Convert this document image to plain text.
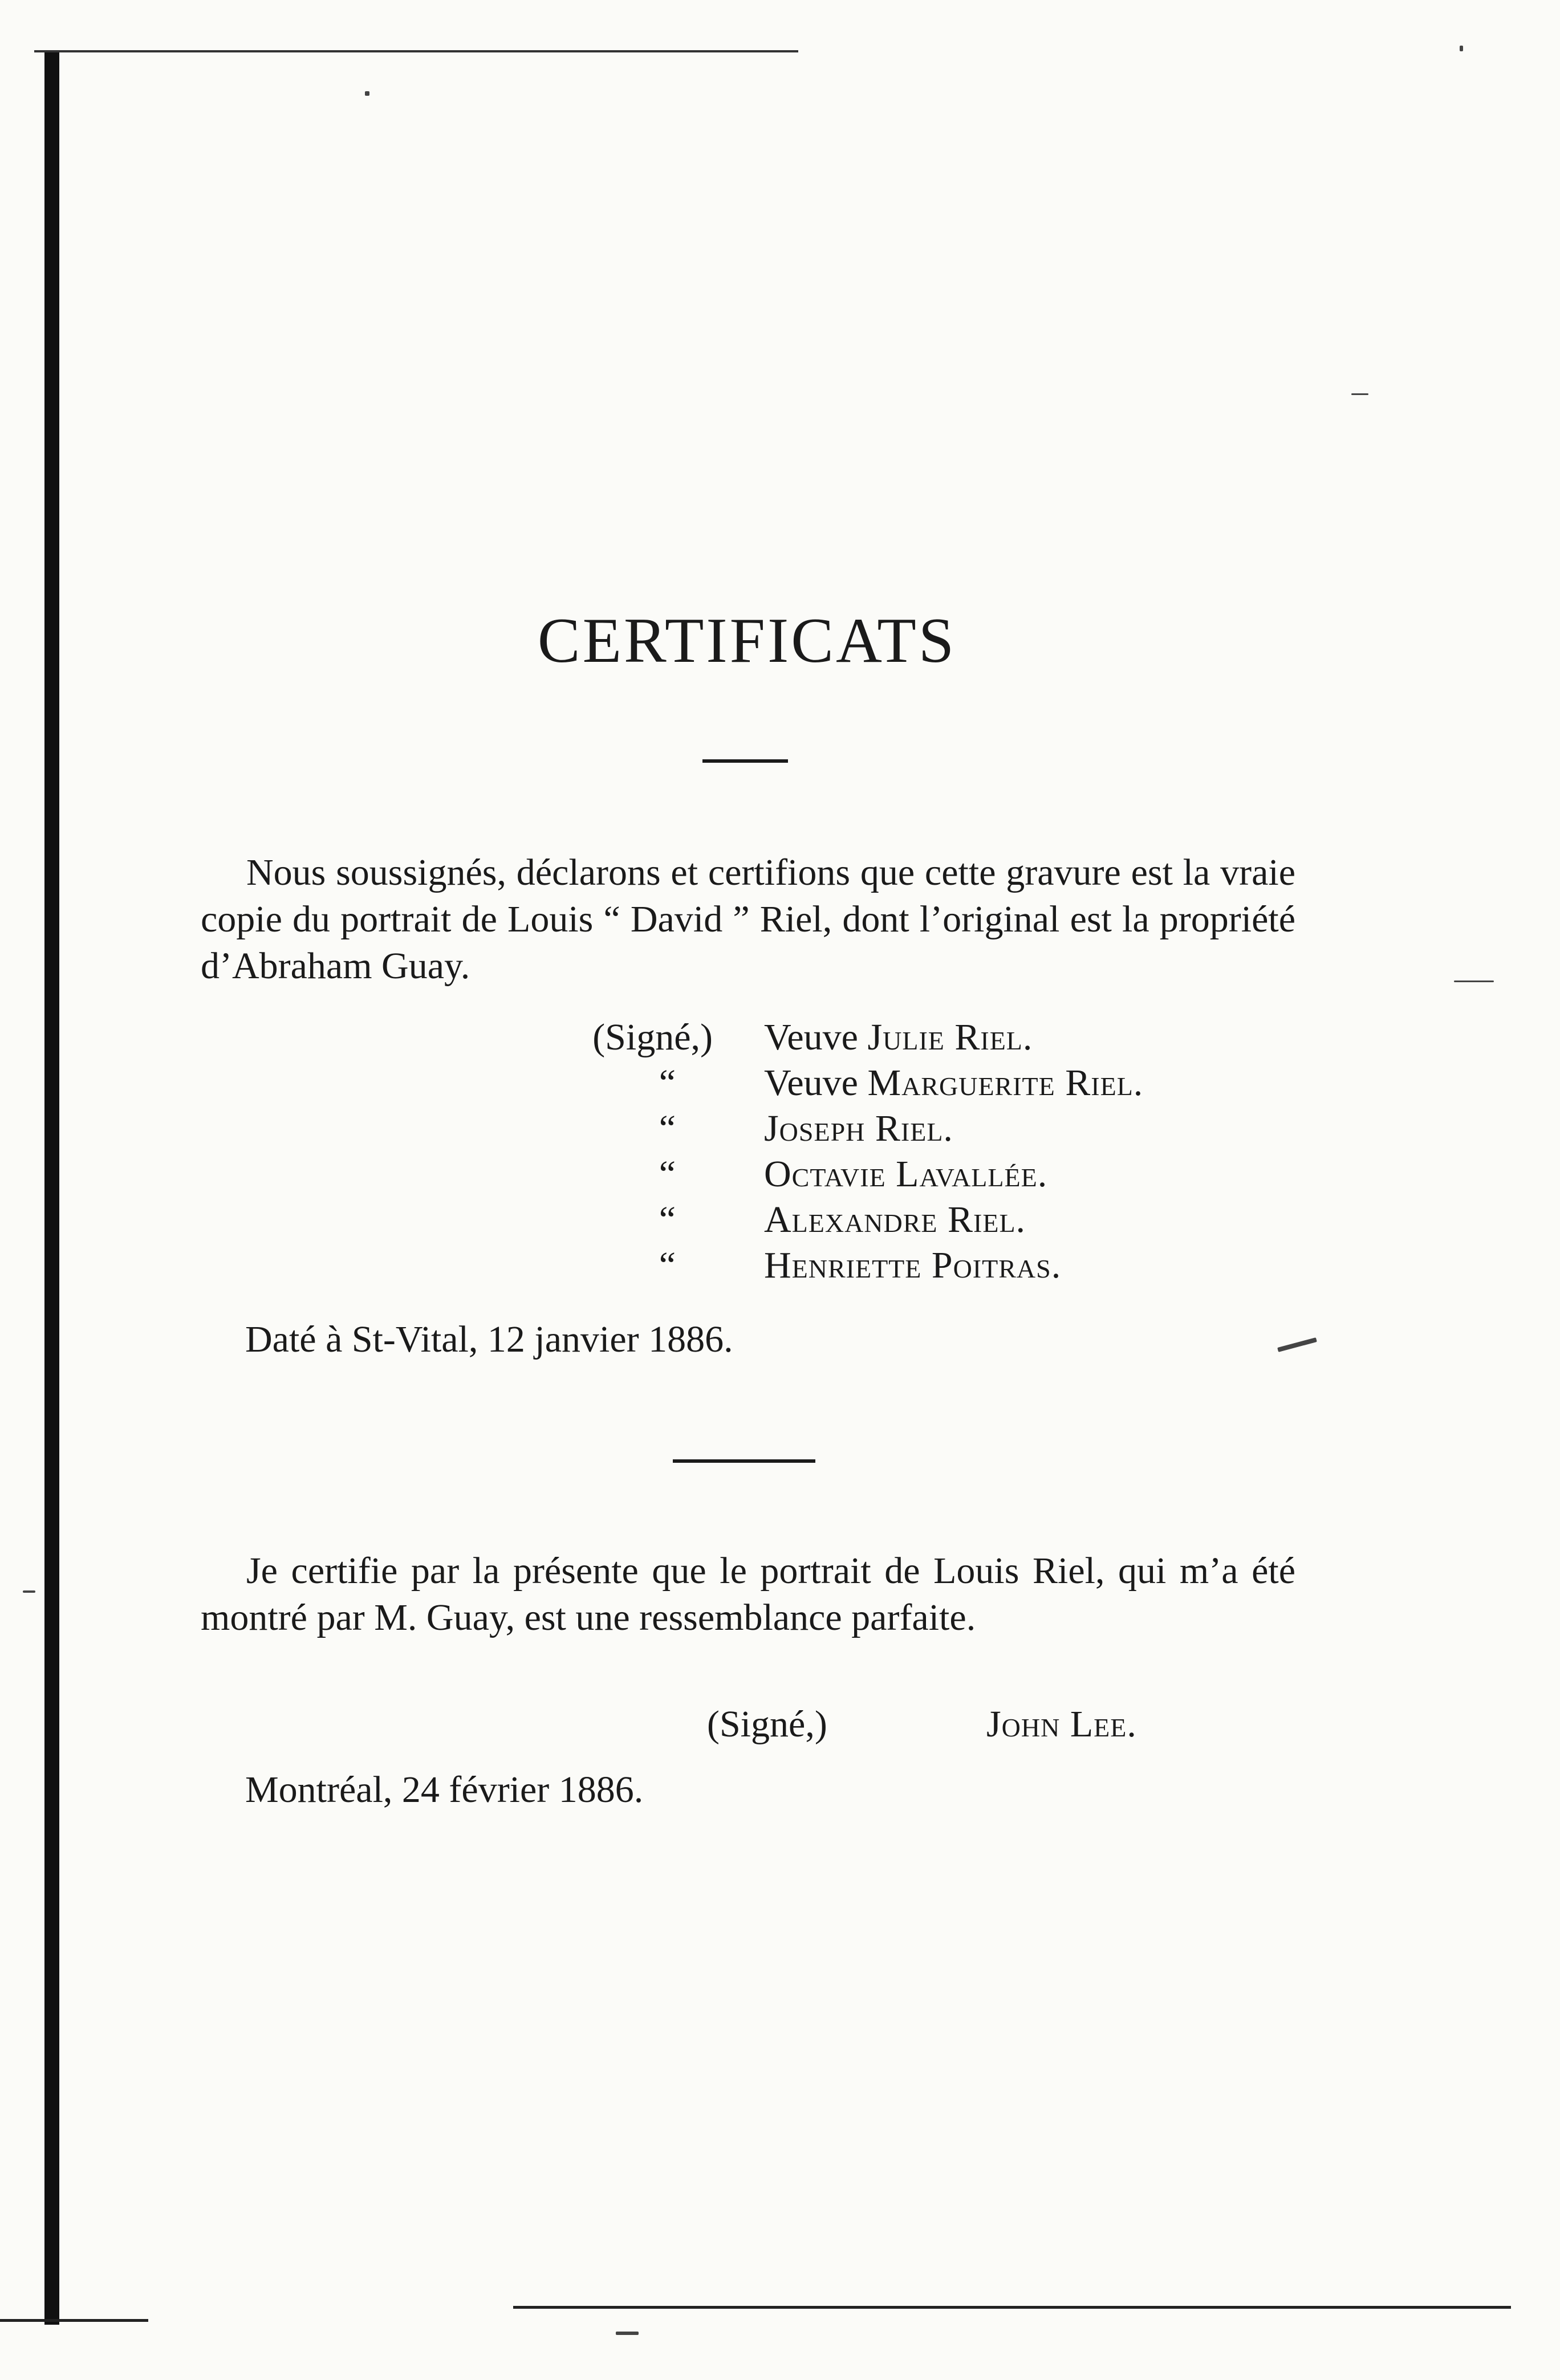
CERTIFICATS

Nous soussignés, déclarons et certifions que cette gravure est la vraie copie du portrait de Louis “ David ” Riel, dont l’original est la propriété d’Abraham Guay.

(Signé,)	Veuve Julie Riel.
“	Veuve Marguerite Riel.
“	Joseph Riel.
“	Octavie Lavallée.
“	Alexandre Riel.
“	Henriette Poitras.
Daté à St-Vital, 12 janvier 1886.

Je certifie par la présente que le portrait de Louis Riel, qui m’a été montré par M. Guay, est une ressemblance parfaite.

(Signé,)	John Lee.
Montréal, 24 février 1886.
